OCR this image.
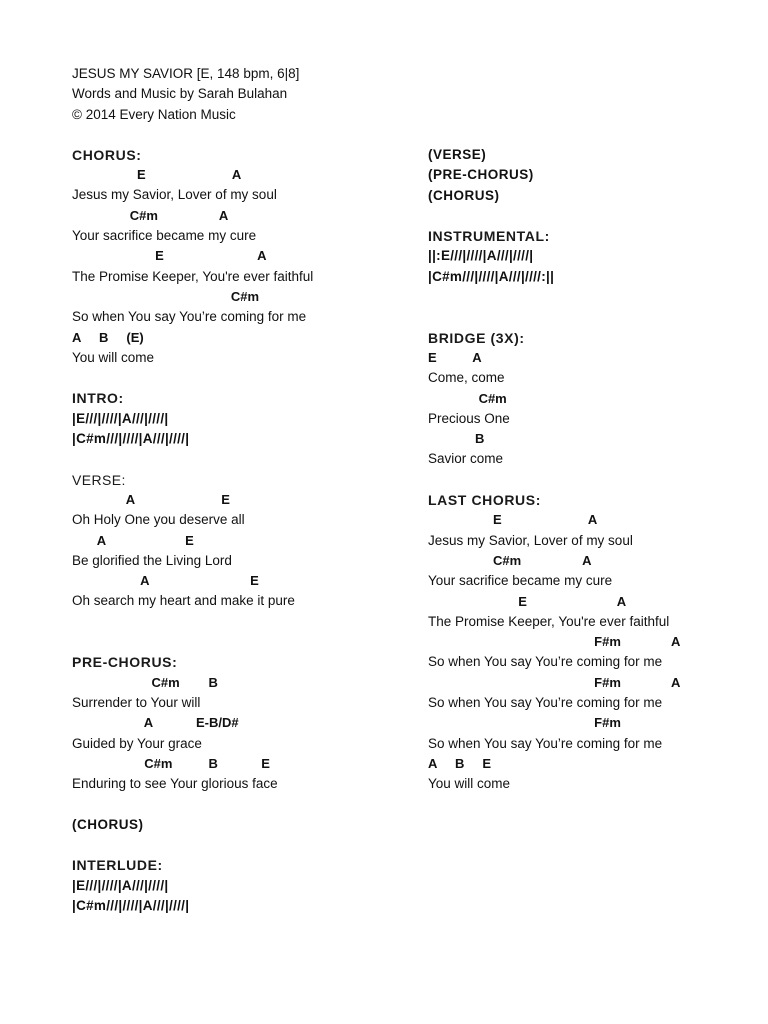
JESUS MY SAVIOR [E, 148 bpm, 6|8]
Words and Music by Sarah Bulahan
© 2014 Every Nation Music
CHORUS:
E                        A
Jesus my Savior, Lover of my soul
C#m                 A
Your sacrifice became my cure
E                          A
The Promise Keeper, You're ever faithful
C#m
So when You say You’re coming for me
A     B     (E)
You will come
INTRO:
|E///|////|A///|////|
|C#m///|////|A///|////|
VERSE:
A                        E
Oh Holy One you deserve all
A                      E
Be glorified the Living Lord
A                            E
Oh search my heart and make it pure
PRE-CHORUS:
C#m        B
Surrender to Your will
A            E-B/D#
Guided by Your grace
C#m          B            E
Enduring to see Your glorious face
(CHORUS)
INTERLUDE:
|E///|////|A///|////|
|C#m///|////|A///|////|
(VERSE)
(PRE-CHORUS)
(CHORUS)
INSTRUMENTAL:
||:E///|////|A///|////|
|C#m///|////|A///|////:||
BRIDGE (3X):
E          A
Come, come
C#m
Precious One
B
Savior come
LAST CHORUS:
E                        A
Jesus my Savior, Lover of my soul
C#m                 A
Your sacrifice became my cure
E                         A
The Promise Keeper, You're ever faithful
F#m              A
So when You say You’re coming for me
F#m              A
So when You say You’re coming for me
F#m
So when You say You’re coming for me
A     B     E
You will come
